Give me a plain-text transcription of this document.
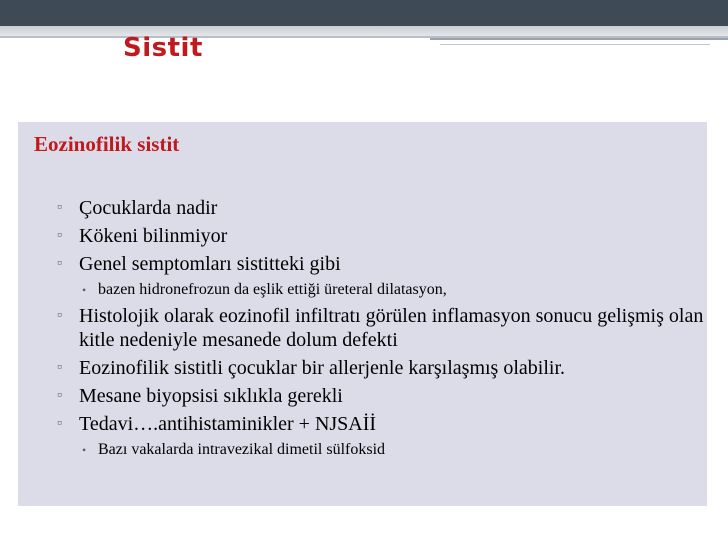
Sistit
Eozinofilik sistit
▫ Çocuklarda nadir
▫ Kökeni bilinmiyor
▫ Genel semptomları sistitteki gibi
• bazen hidronefrozun da eşlik ettiği üreteral dilatasyon,
▫ Histolojik olarak eozinofil infiltratı görülen inflamasyon sonucu gelişmiş olan kitle nedeniyle mesanede dolum defekti
▫ Eozinofilik sistitli çocuklar bir allerjenle karşılaşmış olabilir.
▫ Mesane biyopsisi sıklıkla gerekli
▫ Tedavi….antihistaminikler + NJSAİİ
• Bazı vakalarda intravezikal dimetil sülfoksid
